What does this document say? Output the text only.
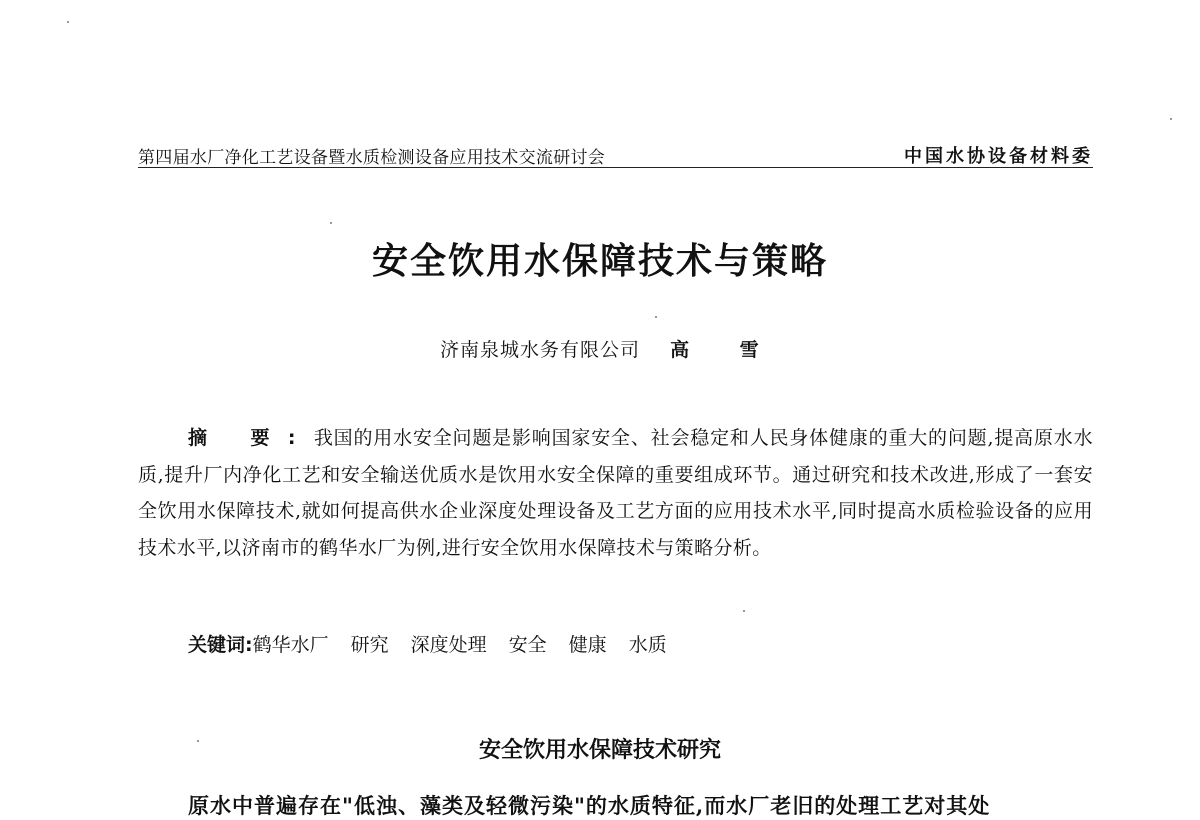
第四届水厂净化工艺设备暨水质检测设备应用技术交流研讨会	中国水协设备材料委
安全饮用水保障技术与策略
济南泉城水务有限公司 高 雪
摘 要:我国的用水安全问题是影响国家安全、社会稳定和人民身体健康的重大的问题,提高原水水质,提升厂内净化工艺和安全输送优质水是饮用水安全保障的重要组成环节。通过研究和技术改进,形成了一套安全饮用水保障技术,就如何提高供水企业深度处理设备及工艺方面的应用技术水平,同时提高水质检验设备的应用技术水平,以济南市的鹤华水厂为例,进行安全饮用水保障技术与策略分析。
关键词:鹤华水厂 研究 深度处理 安全 健康 水质
安全饮用水保障技术研究
原水中普遍存在"低浊、藻类及轻微污染"的水质特征,而水厂老旧的处理工艺对其处
